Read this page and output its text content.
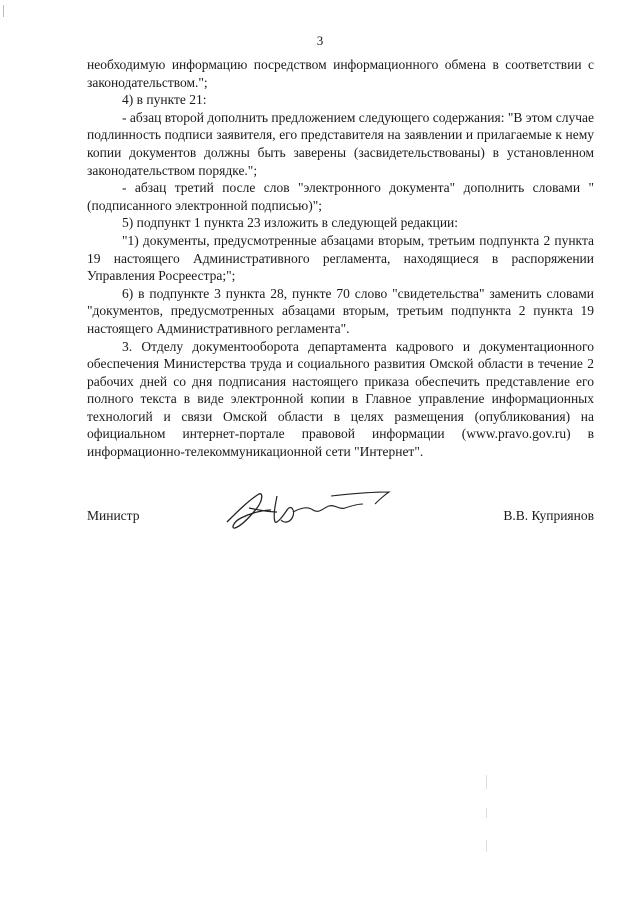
3

необходимую информацию посредством информационного обмена в соответствии с законодательством.";

4) в пункте 21:

- абзац второй дополнить предложением следующего содержания: "В этом случае подлинность подписи заявителя, его представителя на заявлении и прилагаемые к нему копии документов должны быть заверены (засвидетельствованы) в установленном законодательством порядке.";

- абзац третий после слов "электронного документа" дополнить словами "(подписанного электронной подписью)";

5) подпункт 1 пункта 23 изложить в следующей редакции:

"1) документы, предусмотренные абзацами вторым, третьим подпункта 2 пункта 19 настоящего Административного регламента, находящиеся в распоряжении Управления Росреестра;";

6) в подпункте 3 пункта 28, пункте 70 слово "свидетельства" заменить словами "документов, предусмотренных абзацами вторым, третьим подпункта 2 пункта 19 настоящего Административного регламента".

3. Отделу документооборота департамента кадрового и документационного обеспечения Министерства труда и социального развития Омской области в течение 2 рабочих дней со дня подписания настоящего приказа обеспечить представление его полного текста в виде электронной копии в Главное управление информационных технологий и связи Омской области в целях размещения (опубликования) на официальном интернет-портале правовой информации (www.pravo.gov.ru) в информационно-телекоммуникационной сети "Интернет".

Министр	В.В. Куприянов
